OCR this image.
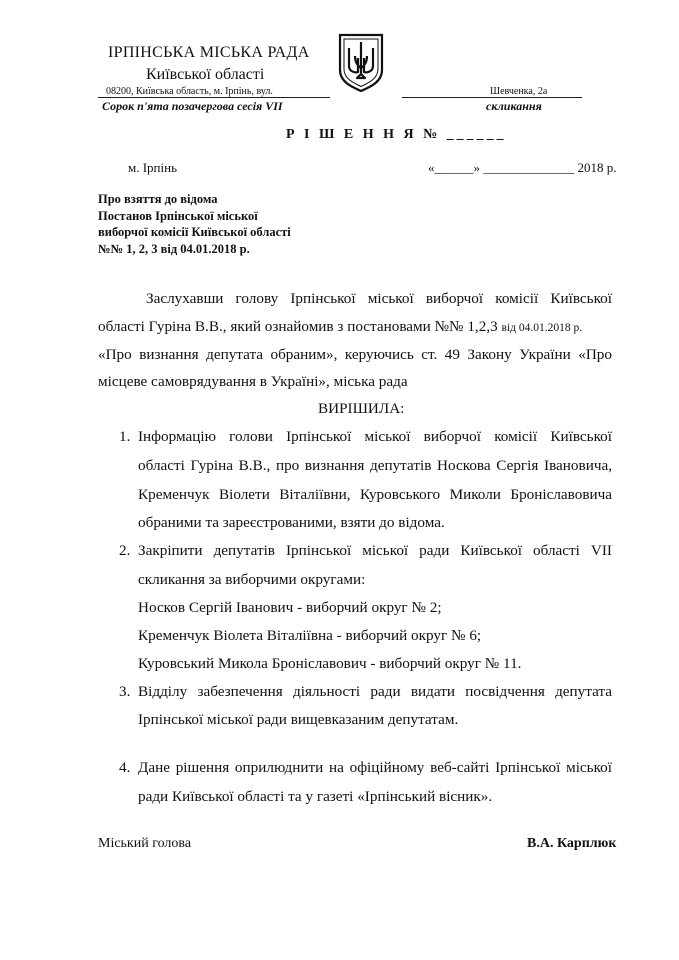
ІРПІНСЬКА МІСЬКА РАДА
Київської області
08200, Київська область, м. Ірпінь, вул.	Шевченка, 2а
Сорок п'ята позачергова сесія VII	скликання
Р І Ш Е Н Н Я № ______
м. Ірпінь	«______» ______________ 2018 р.
Про взяття до відома
Постанов Ірпінської міської
виборчої комісії Київської області
№№ 1, 2, 3 від 04.01.2018 р.
Заслухавши голову Ірпінської міської виборчої комісії Київської
області Гуріна В.В., який ознайомив з постановами №№ 1,2,3 від 04.01.2018 р.
«Про визнання депутата обраним», керуючись ст. 49 Закону України «Про
місцеве самоврядування в Україні», міська рада
ВИРІШИЛА:
1. Інформацію голови Ірпінської міської виборчої комісії Київської
області Гуріна В.В., про визнання депутатів Носкова Сергія Івановича,
Кременчук Віолети Віталіївни, Куровського Миколи Броніславовича
обраними та зареєстрованими, взяти до відома.
2. Закріпити депутатів Ірпінської міської ради Київської області VII
скликання за виборчими округами:
Носков Сергій Іванович - виборчий округ № 2;
Кременчук Віолета Віталіївна - виборчий округ № 6;
Куровський Микола Броніславович - виборчий округ № 11.
3. Відділу забезпечення діяльності ради видати посвідчення депутата
Ірпінської міської ради вищевказаним депутатам.
4. Дане рішення оприлюднити на офіційному веб-сайті Ірпінської міської
ради Київської області та у газеті «Ірпінський вісник».
Міський голова	В.А. Карплюк
